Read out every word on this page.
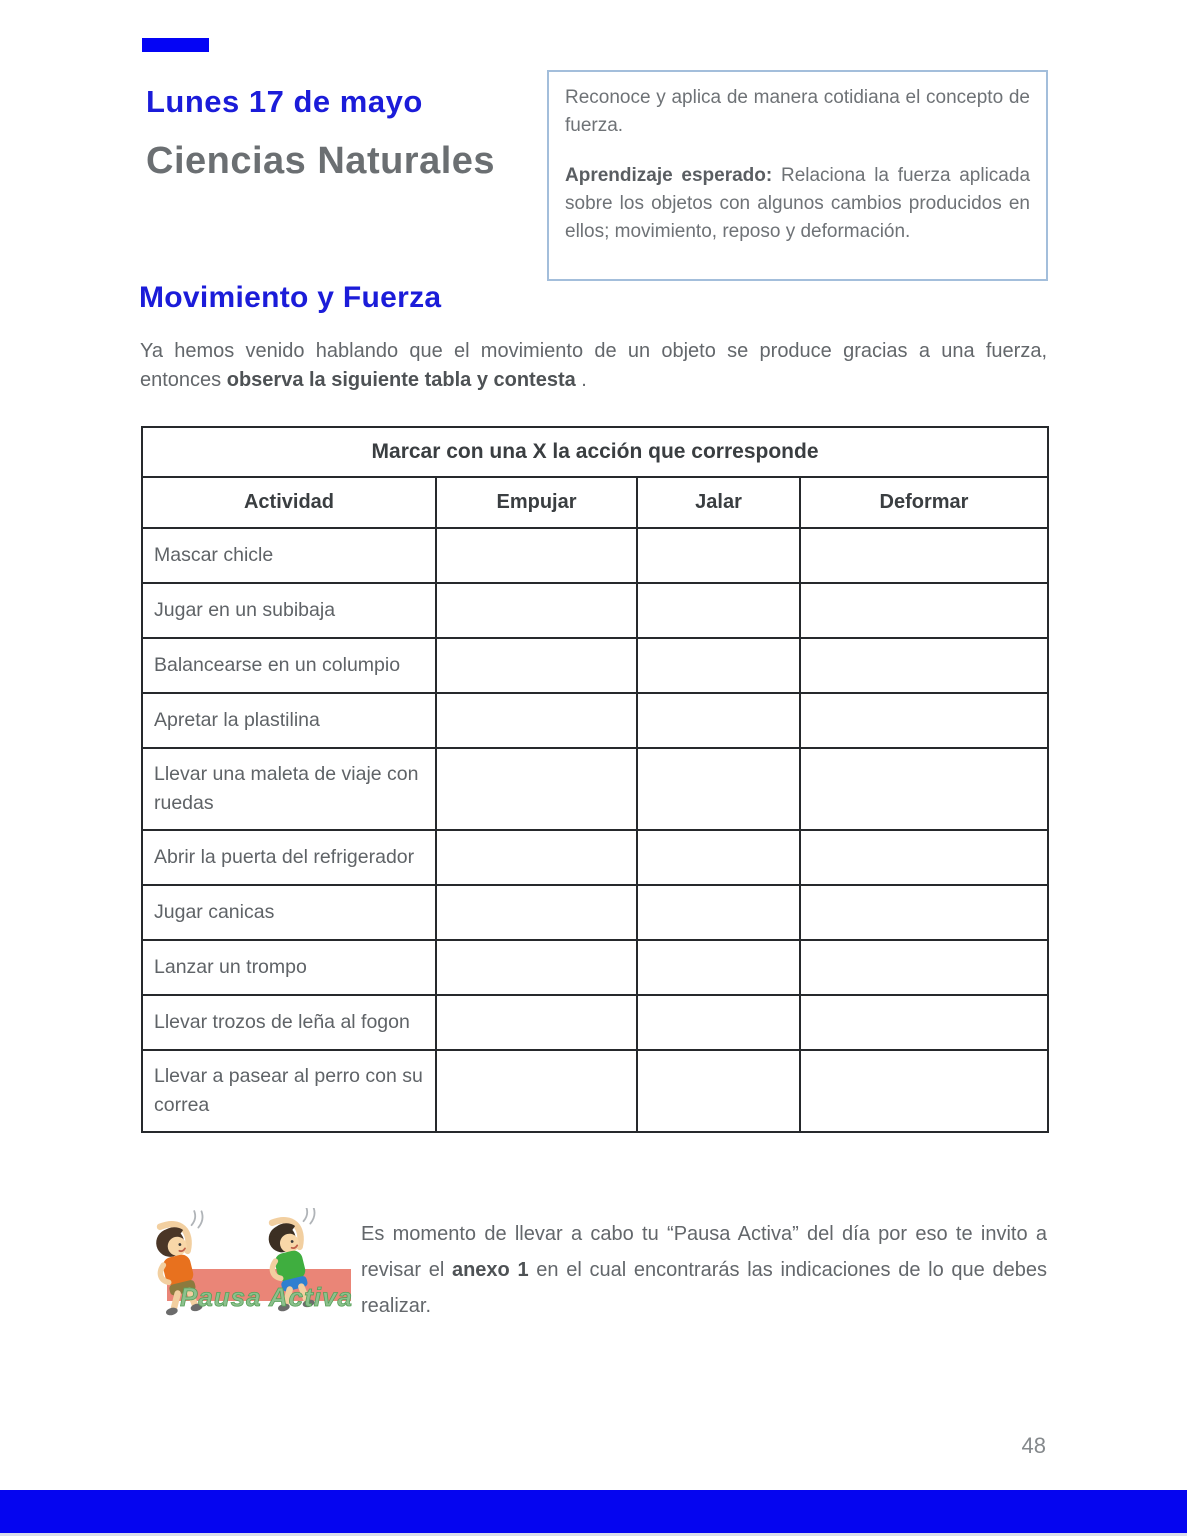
Lunes 17 de mayo
Ciencias Naturales

Reconoce y aplica de manera cotidiana el concepto de fuerza.

Aprendizaje esperado: Relaciona la fuerza aplicada sobre los objetos con algunos cambios producidos en ellos; movimiento, reposo y deformación.

Movimiento y Fuerza

Ya hemos venido hablando que el movimiento de un objeto se produce gracias a una fuerza, entonces observa la siguiente tabla y contesta .

Marcar con una X la acción que corresponde			
Actividad	Empujar	Jalar	Deformar
Mascar chicle			
Jugar en un subibaja			
Balancearse en un columpio			
Apretar la plastilina			
Llevar una maleta de viaje con ruedas			
Abrir la puerta del refrigerador			
Jugar canicas			
Lanzar un trompo			
Llevar trozos de leña al fogon			
Llevar a pasear al perro con su correa			
Pausa Activa

Es momento de llevar a cabo tu “Pausa Activa” del día por eso te invito a revisar el anexo 1 en el cual encontrarás las indicaciones de lo que debes realizar.

48
